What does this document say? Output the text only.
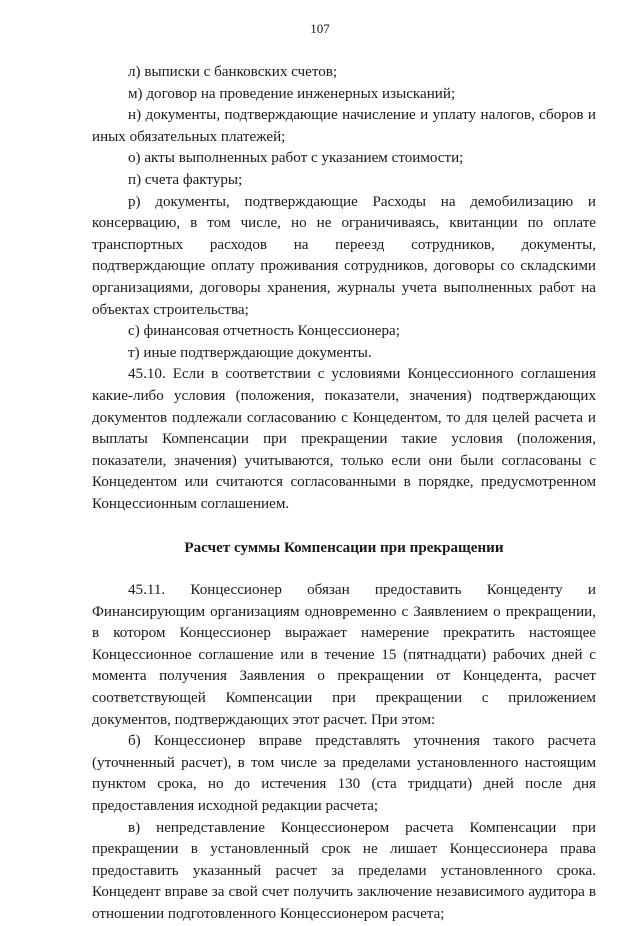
107

л) выписки с банковских счетов;

м) договор на проведение инженерных изысканий;

н) документы, подтверждающие начисление и уплату налогов, сборов и иных обязательных платежей;

о) акты выполненных работ с указанием стоимости;

п) счета фактуры;

р) документы, подтверждающие Расходы на демобилизацию и консервацию, в том числе, но не ограничиваясь, квитанции по оплате транспортных расходов на переезд сотрудников, документы, подтверждающие оплату проживания сотрудников, договоры со складскими организациями, договоры хранения, журналы учета выполненных работ на объектах строительства;

с) финансовая отчетность Концессионера;

т) иные подтверждающие документы.

45.10. Если в соответствии с условиями Концессионного соглашения какие-либо условия (положения, показатели, значения) подтверждающих документов подлежали согласованию с Концедентом, то для целей расчета и выплаты Компенсации при прекращении такие условия (положения, показатели, значения) учитываются, только если они были согласованы с Концедентом или считаются согласованными в порядке, предусмотренном Концессионным соглашением.

Расчет суммы Компенсации при прекращении

45.11. Концессионер обязан предоставить Концеденту и Финансирующим организациям одновременно с Заявлением о прекращении, в котором Концессионер выражает намерение прекратить настоящее Концессионное соглашение или в течение 15 (пятнадцати) рабочих дней с момента получения Заявления о прекращении от Концедента, расчет соответствующей Компенсации при прекращении с приложением документов, подтверждающих этот расчет. При этом:

б) Концессионер вправе представлять уточнения такого расчета (уточненный расчет), в том числе за пределами установленного настоящим пунктом срока, но до истечения 130 (ста тридцати) дней после дня предоставления исходной редакции расчета;

в) непредставление Концессионером расчета Компенсации при прекращении в установленный срок не лишает Концессионера права предоставить указанный расчет за пределами установленного срока. Концедент вправе за свой счет получить заключение независимого аудитора в отношении подготовленного Концессионером расчета;
